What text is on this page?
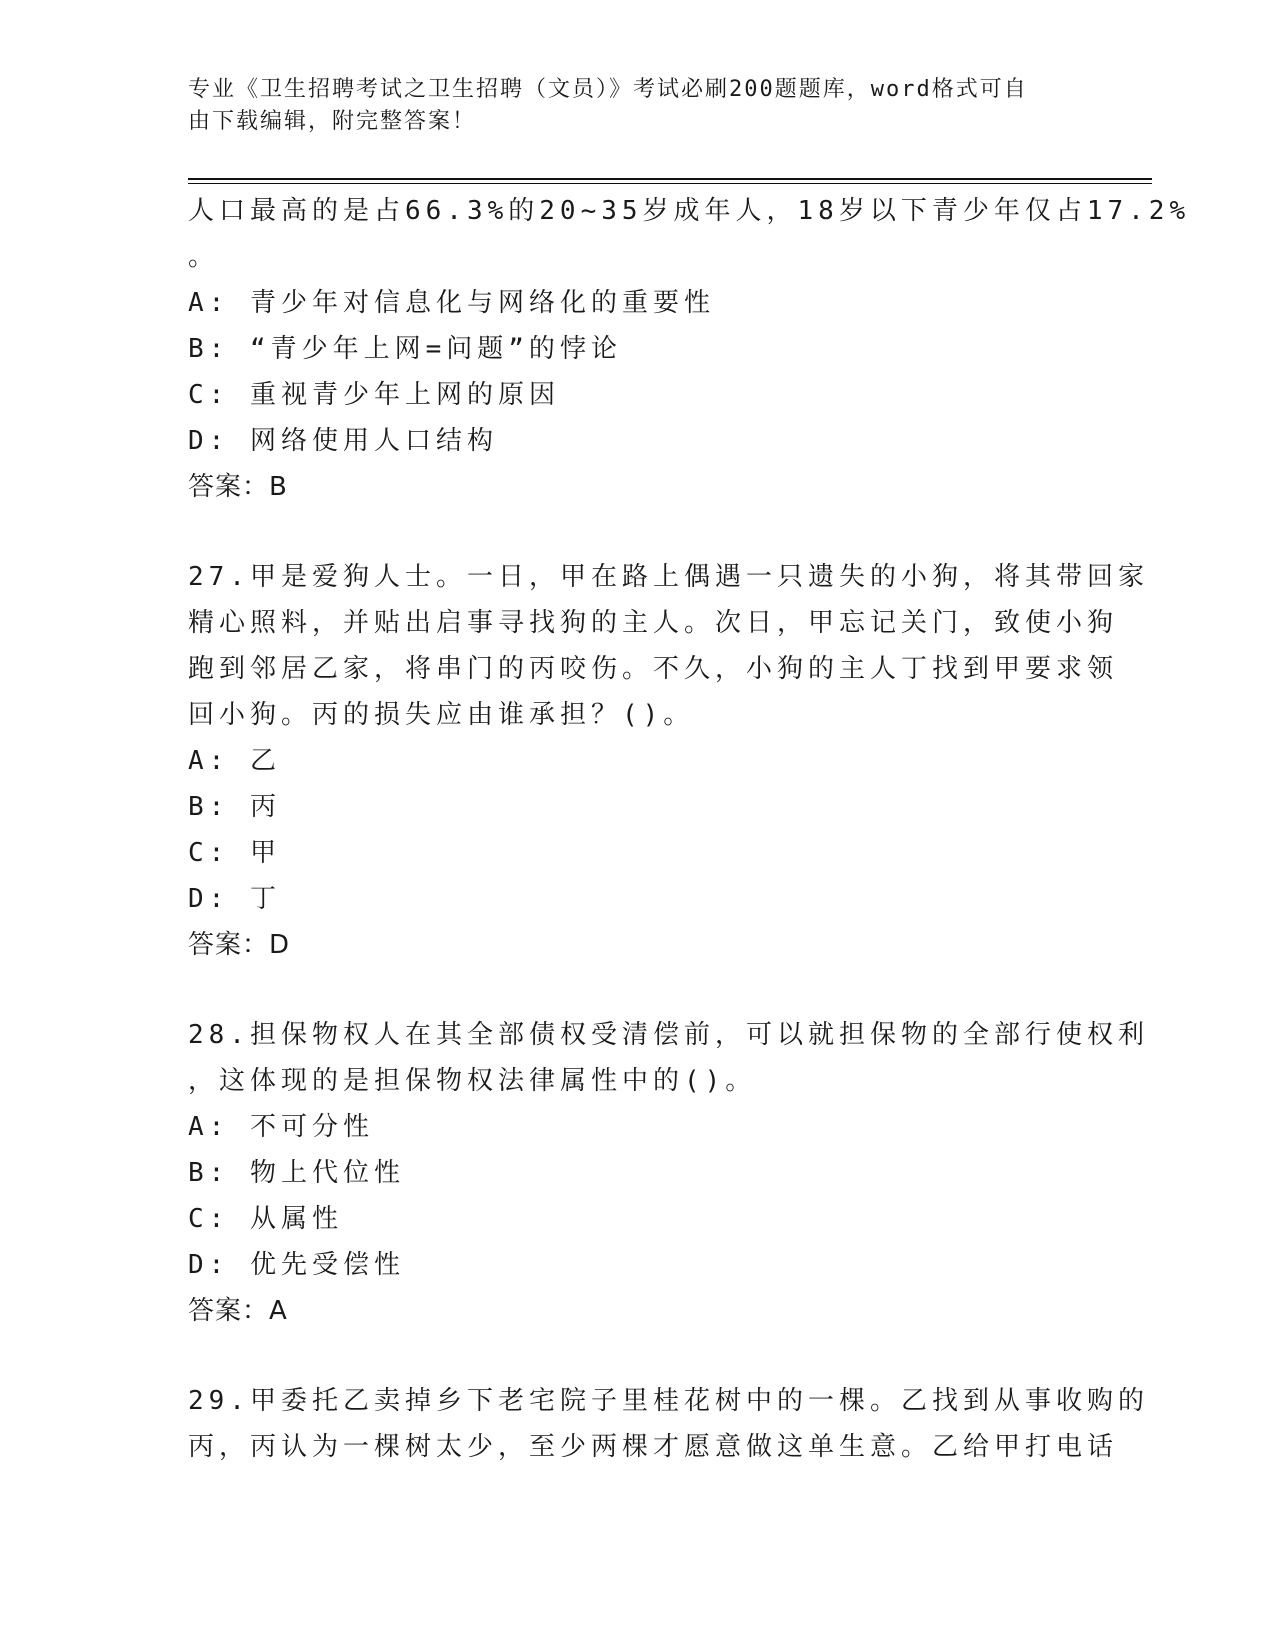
专业《卫生招聘考试之卫生招聘（文员）》考试必刷200题题库，word格式可自
由下载编辑，附完整答案！
人口最高的是占66.3%的20~35岁成年人，18岁以下青少年仅占17.2%
。
A: 青少年对信息化与网络化的重要性
B: “青少年上网=问题”的悖论
C: 重视青少年上网的原因
D: 网络使用人口结构
答案：B
27.甲是爱狗人士。一日，甲在路上偶遇一只遗失的小狗，将其带回家
精心照料，并贴出启事寻找狗的主人。次日，甲忘记关门，致使小狗
跑到邻居乙家，将串门的丙咬伤。不久，小狗的主人丁找到甲要求领
回小狗。丙的损失应由谁承担？()。
A: 乙
B: 丙
C: 甲
D: 丁
答案：D
28.担保物权人在其全部债权受清偿前，可以就担保物的全部行使权利
，这体现的是担保物权法律属性中的()。
A: 不可分性
B: 物上代位性
C: 从属性
D: 优先受偿性
答案：A
29.甲委托乙卖掉乡下老宅院子里桂花树中的一棵。乙找到从事收购的
丙，丙认为一棵树太少，至少两棵才愿意做这单生意。乙给甲打电话
